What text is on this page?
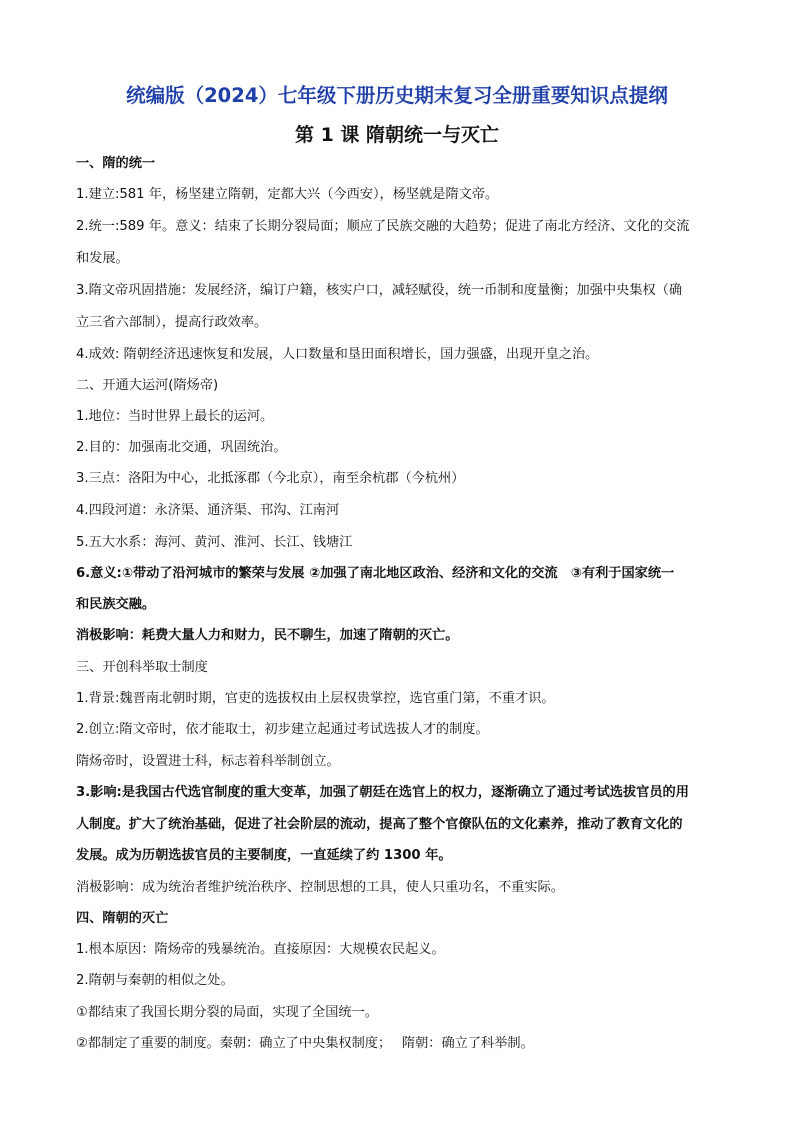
统编版（2024）七年级下册历史期末复习全册重要知识点提纲
第 1 课 隋朝统一与灭亡
一、隋的统一
1.建立:581 年，杨坚建立隋朝，定都大兴（今西安），杨坚就是隋文帝。
2.统一:589 年。意义：结束了长期分裂局面；顺应了民族交融的大趋势；促进了南北方经济、文化的交流
和发展。
3.隋文帝巩固措施：发展经济，编订户籍，核实户口，减轻赋役，统一币制和度量衡；加强中央集权（确
立三省六部制），提高行政效率。
4.成效: 隋朝经济迅速恢复和发展，人口数量和垦田面积增长，国力强盛，出现开皇之治。
二、开通大运河(隋炀帝)
1.地位：当时世界上最长的运河。
2.目的：加强南北交通，巩固统治。
3.三点：洛阳为中心，北抵涿郡（今北京），南至余杭郡（今杭州）
4.四段河道：永济渠、通济渠、邗沟、江南河
5.五大水系：海河、黄河、淮河、长江、钱塘江
6.意义:①带动了沿河城市的繁荣与发展 ②加强了南北地区政治、经济和文化的交流　③有利于国家统一
和民族交融。
消极影响：耗费大量人力和财力，民不聊生，加速了隋朝的灭亡。
三、开创科举取士制度
1.背景:魏晋南北朝时期，官吏的选拔权由上层权贵掌控，选官重门第，不重才识。
2.创立:隋文帝时，依才能取士，初步建立起通过考试选拔人才的制度。
隋炀帝时，设置进士科，标志着科举制创立。
3.影响:是我国古代选官制度的重大变革，加强了朝廷在选官上的权力，逐渐确立了通过考试选拔官员的用
人制度。扩大了统治基础，促进了社会阶层的流动，提高了整个官僚队伍的文化素养，推动了教育文化的
发展。成为历朝选拔官员的主要制度，一直延续了约 1300 年。
消极影响：成为统治者维护统治秩序、控制思想的工具，使人只重功名，不重实际。
四、隋朝的灭亡
1.根本原因：隋炀帝的残暴统治。直接原因：大规模农民起义。
2.隋朝与秦朝的相似之处。
①都结束了我国长期分裂的局面，实现了全国统一。
②都制定了重要的制度。秦朝：确立了中央集权制度；　 隋朝：确立了科举制。
